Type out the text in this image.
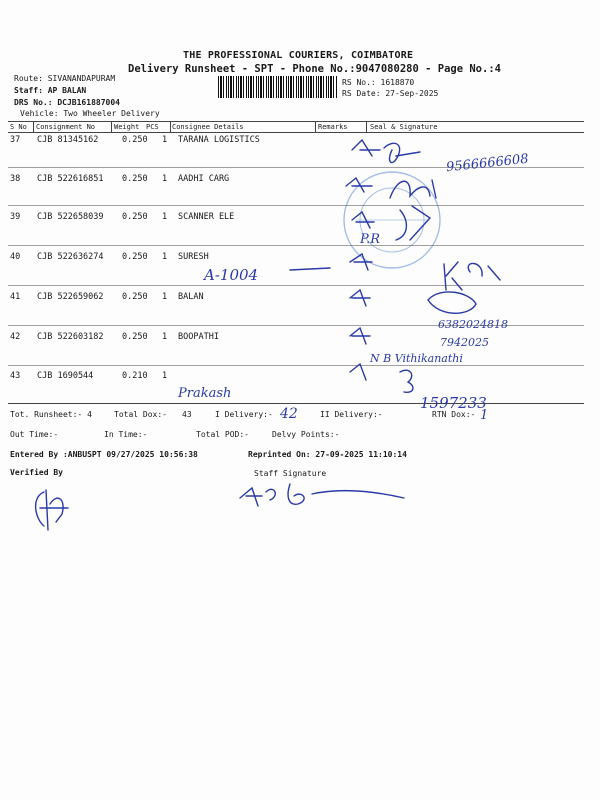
THE PROFESSIONAL COURIERS, COIMBATORE
Delivery Runsheet - SPT - Phone No.:9047080280 - Page No.:4
Route: SIVANANDAPURAM
Staff: AP BALAN
DRS No.: DCJB161887004
Vehicle: Two Wheeler Delivery
RS No.: 1618870
RS Date: 27-Sep-2025
S No Consignment No	Weight PCS Consignee Details	Remarks	Seal & Signature
37 CJB 81345162	0.250 1 TARANA LOGISTICS
38 CJB 522616851 0.250 1 AADHI CARG
39 CJB 522658039 0.250 1 SCANNER ELE
40 CJB 522636274 0.250 1 SURESH
41 CJB 522659062 0.250 1 BALAN
42 CJB 522603182 0.250 1 BOOPATHI
43 CJB 1690544	0.210 1
Tot. Runsheet:- 4	Total Dox:- 43	I Delivery:-	II Delivery:-	RTN Dox:-
Out Time:-	In Time:-	Total POD:-	Delvy Points:-
Entered By :ANBUSPT 09/27/2025 10:56:38	Reprinted On: 27-09-2025 11:10:14
Verified By	Staff Signature
9566666608
A-1004
P.R
6382024818
7942025
N B Vithikanathi
Prakash
42
1597233
1
